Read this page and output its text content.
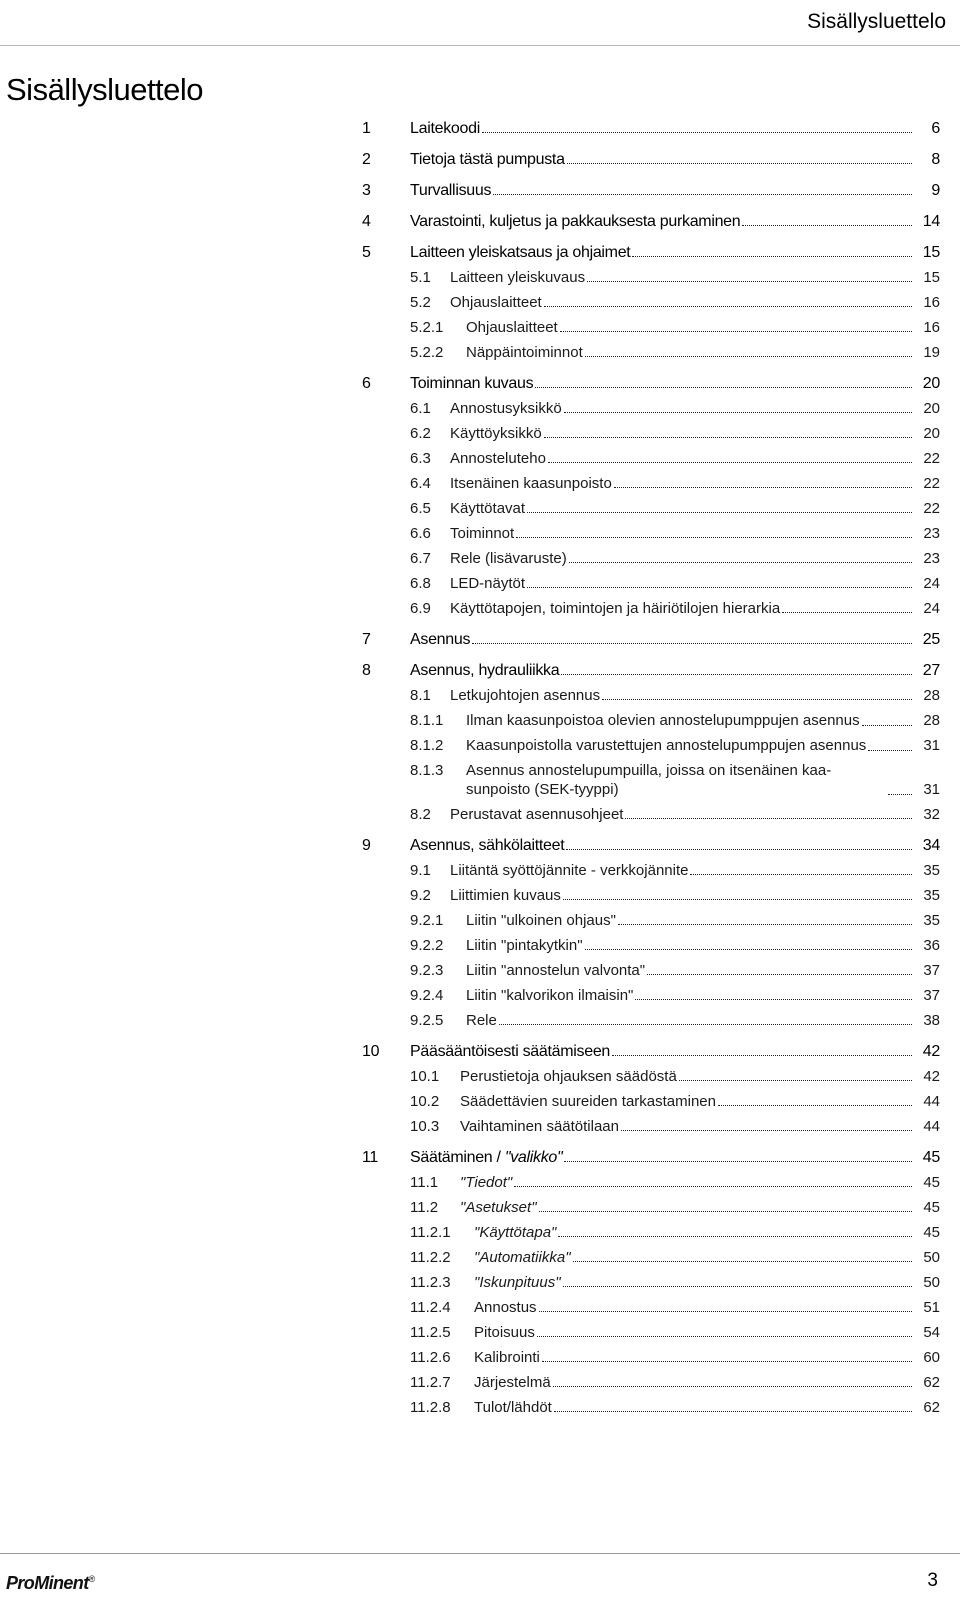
Sisällysluettelo
Sisällysluettelo
1 Laitekoodi	6
2 Tietoja tästä pumpusta	8
3 Turvallisuus	9
4 Varastointi, kuljetus ja pakkauksesta purkaminen	14
5 Laitteen yleiskatsaus ja ohjaimet	15
5.1 Laitteen yleiskuvaus	15
5.2 Ohjauslaitteet	16
5.2.1 Ohjauslaitteet	16
5.2.2 Näppäintoiminnot	19
6 Toiminnan kuvaus	20
6.1 Annostusyksikkö	20
6.2 Käyttöyksikkö	20
6.3 Annosteluteho	22
6.4 Itsenäinen kaasunpoisto	22
6.5 Käyttötavat	22
6.6 Toiminnot	23
6.7 Rele (lisävaruste)	23
6.8 LED-näytöt	24
6.9 Käyttötapojen, toimintojen ja häiriötilojen hierarkia	24
7 Asennus	25
8 Asennus, hydrauliikka	27
8.1 Letkujohtojen asennus	28
8.1.1 Ilman kaasunpoistoa olevien annostelupumppujen asennus	28
8.1.2 Kaasunpoistolla varustettujen annostelupumppujen asennus	31
8.1.3 Asennus annostelupumpuilla, joissa on itsenäinen kaa-sunpoisto (SEK-tyyppi)	31
8.2 Perustavat asennusohjeet	32
9 Asennus, sähkölaitteet	34
9.1 Liitäntä syöttöjännite - verkkojännite	35
9.2 Liittimien kuvaus	35
9.2.1 Liitin "ulkoinen ohjaus"	35
9.2.2 Liitin "pintakytkin"	36
9.2.3 Liitin "annostelun valvonta"	37
9.2.4 Liitin "kalvorikon ilmaisin"	37
9.2.5 Rele	38
10 Pääsääntöisesti säätämiseen	42
10.1 Perustietoja ohjauksen säädöstä	42
10.2 Säädettävien suureiden tarkastaminen	44
10.3 Vaihtaminen säätötilaan	44
11 Säätäminen / "valikko"	45
11.1 "Tiedot"	45
11.2 "Asetukset"	45
11.2.1 "Käyttötapa"	45
11.2.2 "Automatiikka"	50
11.2.3 "Iskunpituus"	50
11.2.4 Annostus	51
11.2.5 Pitoisuus	54
11.2.6 Kalibrointi	60
11.2.7 Järjestelmä	62
11.2.8 Tulot/lähdöt	62
ProMinent®	3
